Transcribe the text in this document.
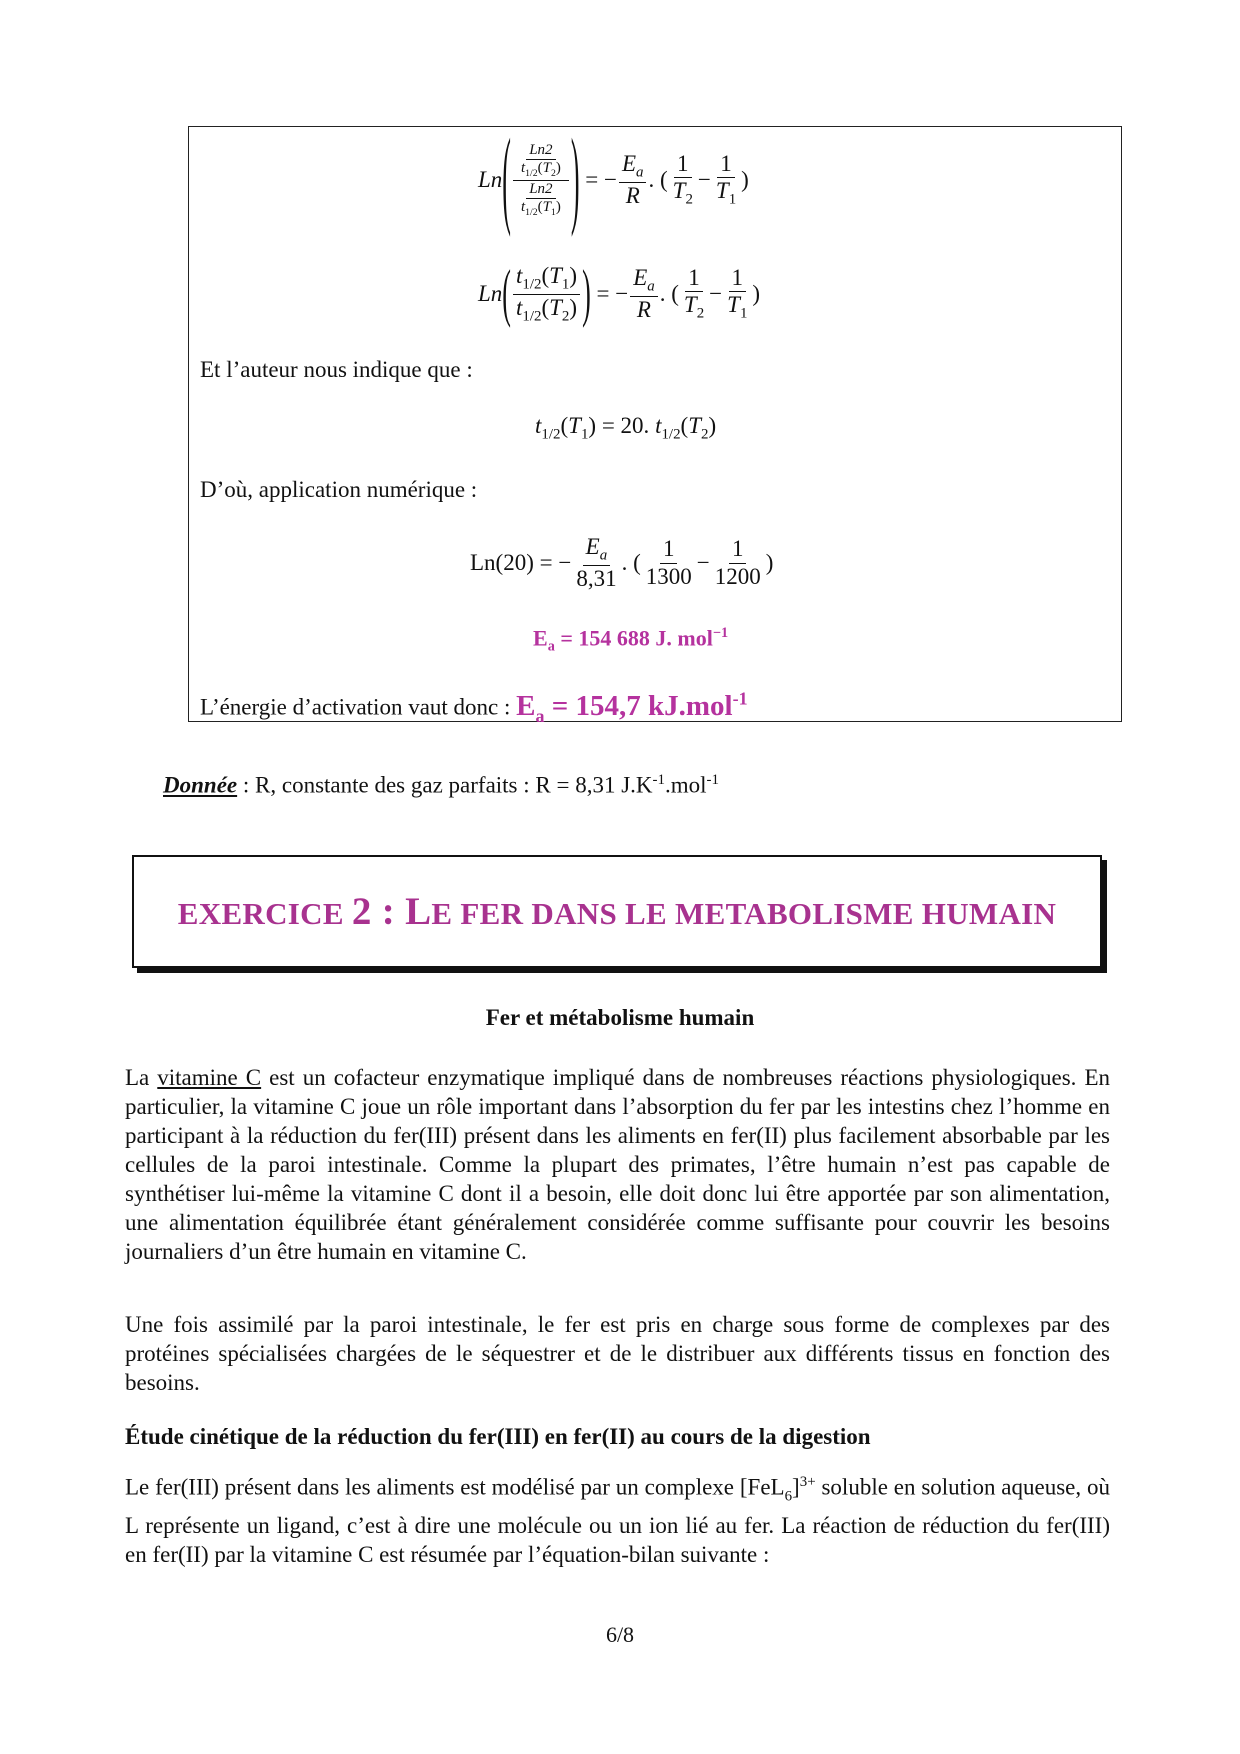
Ln ( $\frac{\frac{Ln2}{t_{1/2}(T_2)}}{\frac{Ln2}{t_{1/2}(T_1)}}$ ) = − $\frac{E_a}{R}$ . ( $\frac{1}{T_2} - \frac{1}{T_1}$ )
Ln ( $\frac{t_{1/2}(T_1)}{t_{1/2}(T_2)}$ ) = − $\frac{E_a}{R}$ . ( $\frac{1}{T_2} - \frac{1}{T_1}$ )
Et l’auteur nous indique que :
$t_{1/2}(T_1) = 20$. $t_{1/2}(T_2)$
D’où, application numérique :
Ln(20) = − $\frac{E_a}{8,31}$ . ( $\frac{1}{1300} - \frac{1}{1200}$ )
$E_a = 154$ 688 J. mol$^{-1}$
L’énergie d’activation vaut donc : $E_a = 154,7$ kJ.mol$^{-1}$
Donnée : R, constante des gaz parfaits : R = 8,31 $J.K^{-1}.mol^{-1}$
EXERCICE 2 : LE FER DANS LE METABOLISME HUMAIN
Fer et métabolisme humain
La vitamine C est un cofacteur enzymatique impliqué dans de nombreuses réactions physiologiques. En particulier, la vitamine C joue un rôle important dans l’absorption du fer par les intestins chez l’homme en participant à la réduction du fer(III) présent dans les aliments en fer(II) plus facilement absorbable par les cellules de la paroi intestinale. Comme la plupart des primates, l’être humain n’est pas capable de synthétiser lui-même la vitamine C dont il a besoin, elle doit donc lui être apportée par son alimentation, une alimentation équilibrée étant généralement considérée comme suffisante pour couvrir les besoins journaliers d’un être humain en vitamine C.
Une fois assimilé par la paroi intestinale, le fer est pris en charge sous forme de complexes par des protéines spécialisées chargées de le séquestrer et de le distribuer aux différents tissus en fonction des besoins.
Étude cinétique de la réduction du fer(III) en fer(II) au cours de la digestion
Le fer(III) présent dans les aliments est modélisé par un complexe $[FeL_6]^{3+}$ soluble en solution aqueuse, où L représente un ligand, c’est à dire une molécule ou un ion lié au fer. La réaction de réduction du fer(III) en fer(II) par la vitamine C est résumée par l’équation-bilan suivante :
6/8
